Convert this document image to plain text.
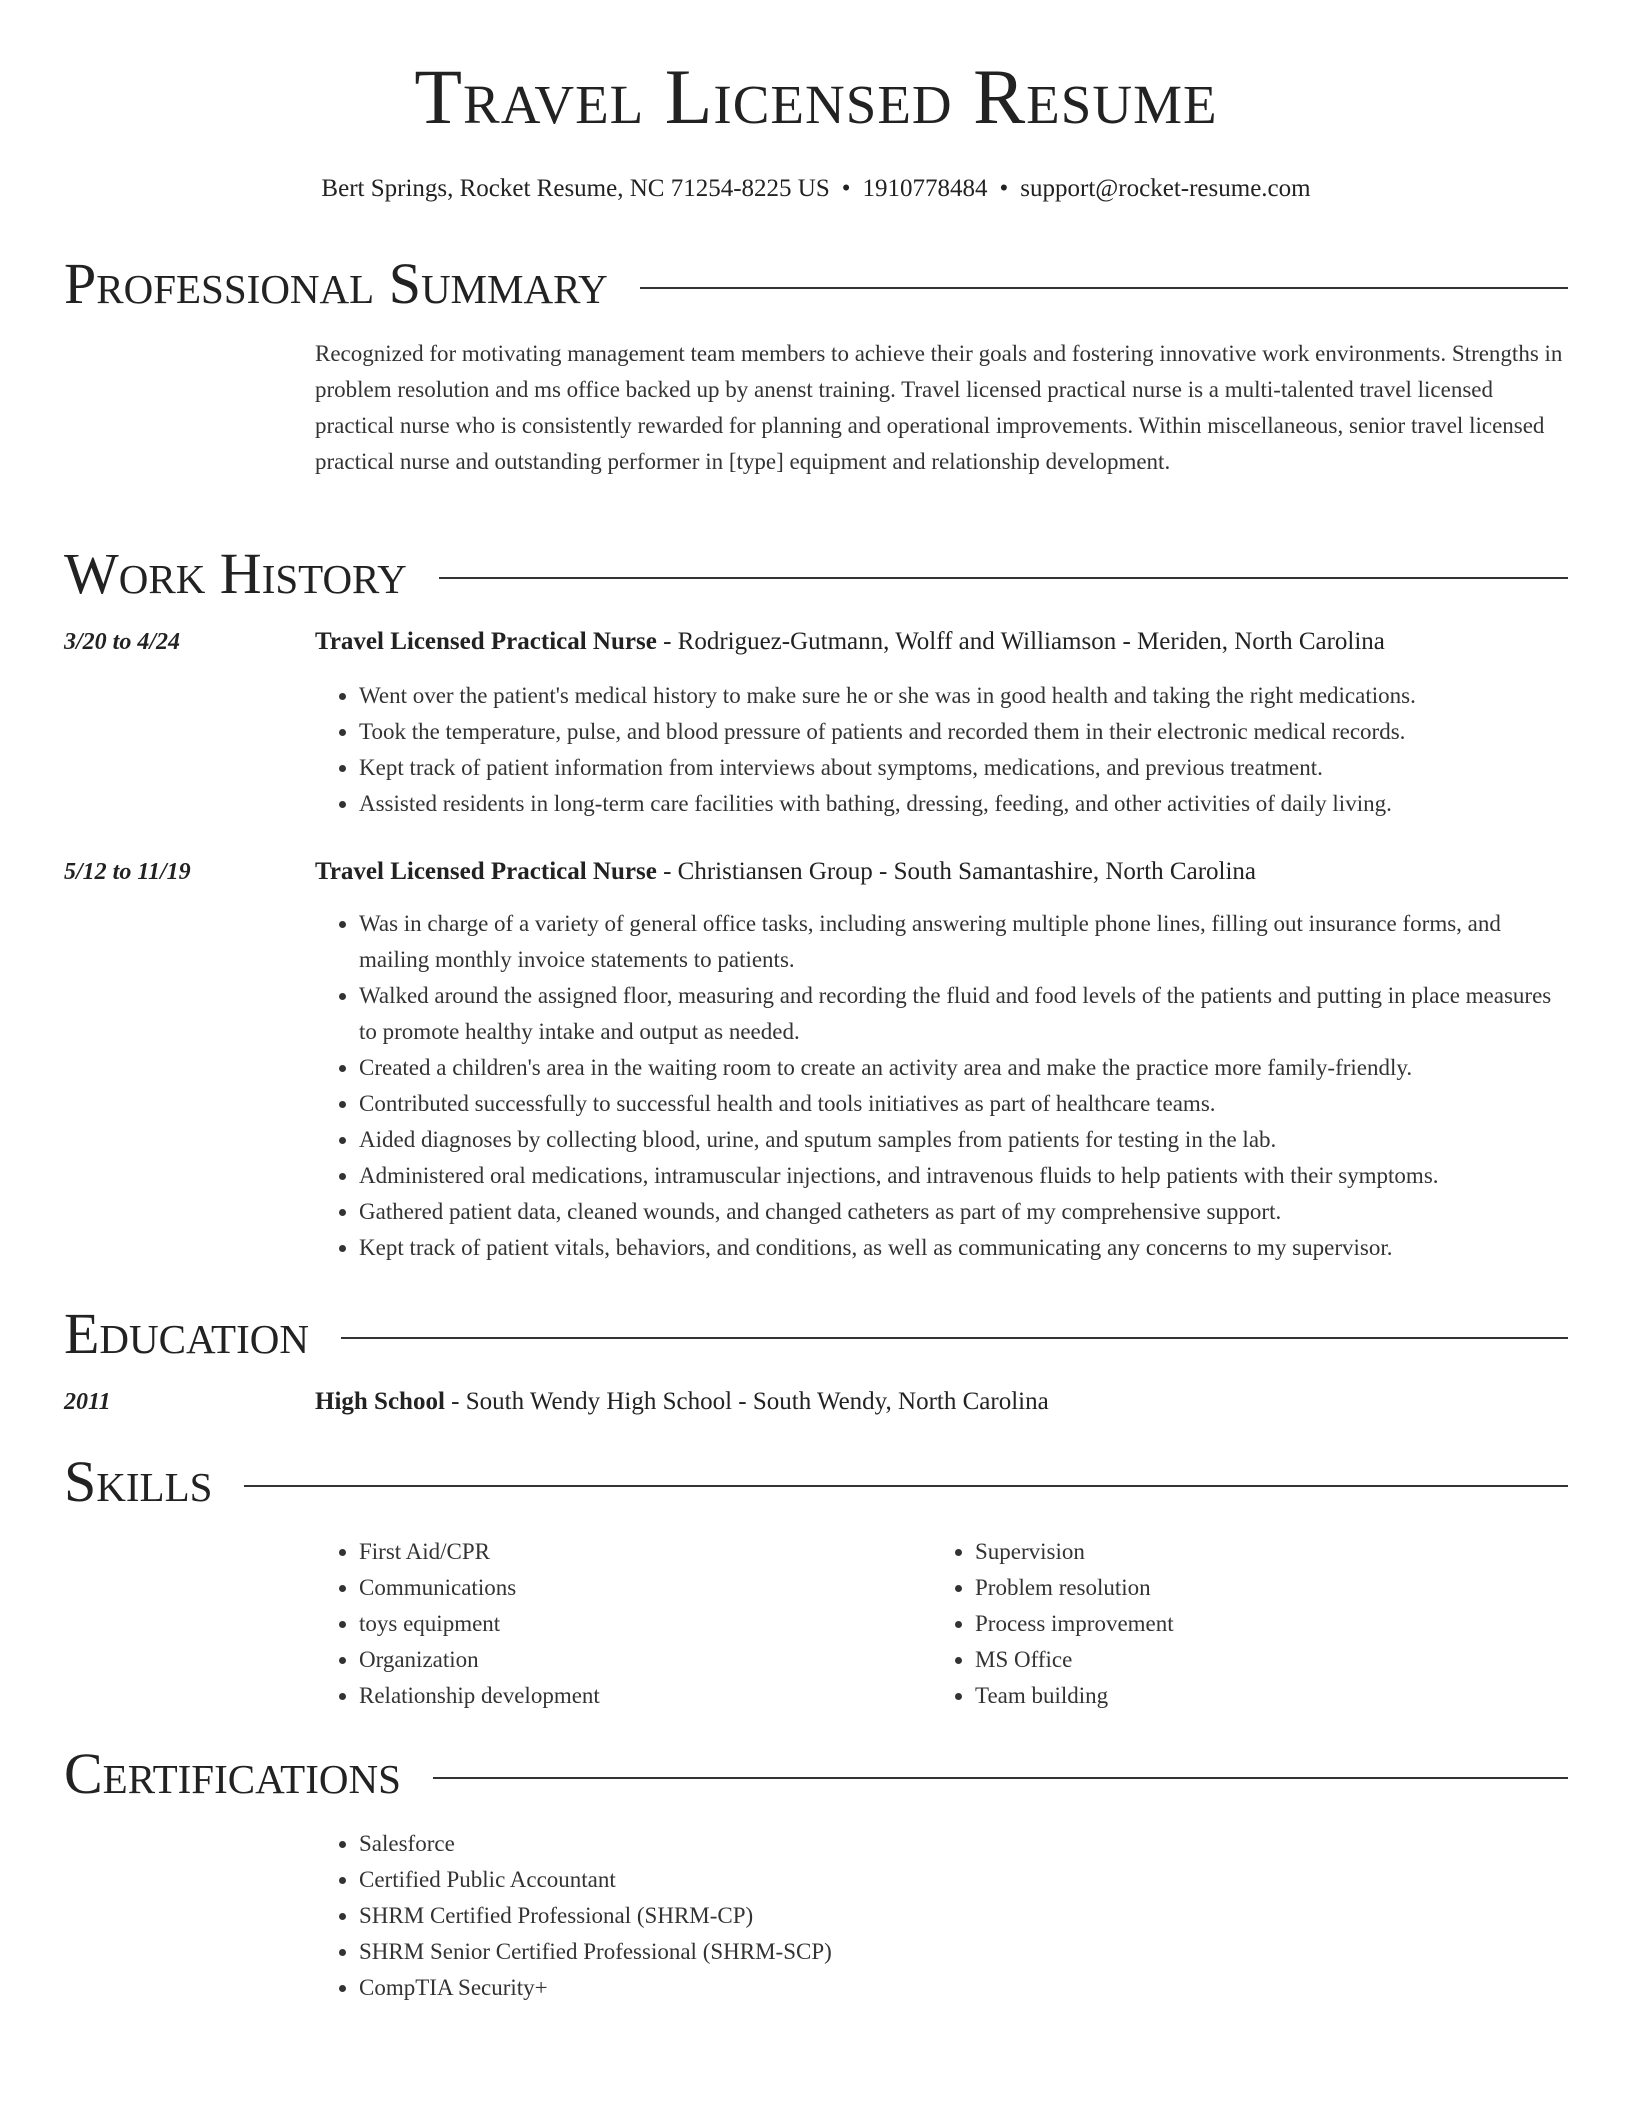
Travel Licensed Resume
Bert Springs, Rocket Resume, NC 71254-8225 US • 1910778484 • support@rocket-resume.com
Professional Summary

Recognized for motivating management team members to achieve their goals and fostering innovative work environments. Strengths in problem resolution and ms office backed up by anenst training. Travel licensed practical nurse is a multi-talented travel licensed practical nurse who is consistently rewarded for planning and operational improvements. Within miscellaneous, senior travel licensed practical nurse and outstanding performer in [type] equipment and relationship development.

Work History
3/20 to 4/24	Travel Licensed Practical Nurse - Rodriguez-Gutmann, Wolff and Williamson - Meriden, North Carolina
• Went over the patient's medical history to make sure he or she was in good health and taking the right medications.
• Took the temperature, pulse, and blood pressure of patients and recorded them in their electronic medical records.
• Kept track of patient information from interviews about symptoms, medications, and previous treatment.
• Assisted residents in long-term care facilities with bathing, dressing, feeding, and other activities of daily living.
5/12 to 11/19	Travel Licensed Practical Nurse - Christiansen Group - South Samantashire, North Carolina
• Was in charge of a variety of general office tasks, including answering multiple phone lines, filling out insurance forms, and mailing monthly invoice statements to patients.
• Walked around the assigned floor, measuring and recording the fluid and food levels of the patients and putting in place measures to promote healthy intake and output as needed.
• Created a children's area in the waiting room to create an activity area and make the practice more family-friendly.
• Contributed successfully to successful health and tools initiatives as part of healthcare teams.
• Aided diagnoses by collecting blood, urine, and sputum samples from patients for testing in the lab.
• Administered oral medications, intramuscular injections, and intravenous fluids to help patients with their symptoms.
• Gathered patient data, cleaned wounds, and changed catheters as part of my comprehensive support.
• Kept track of patient vitals, behaviors, and conditions, as well as communicating any concerns to my supervisor.
Education
2011	High School - South Wendy High School - South Wendy, North Carolina
Skills
• First Aid/CPR
• Communications
• toys equipment
• Organization
• Relationship development
• Supervision
• Problem resolution
• Process improvement
• MS Office
• Team building
Certifications
• Salesforce
• Certified Public Accountant
• SHRM Certified Professional (SHRM-CP)
• SHRM Senior Certified Professional (SHRM-SCP)
• CompTIA Security+
